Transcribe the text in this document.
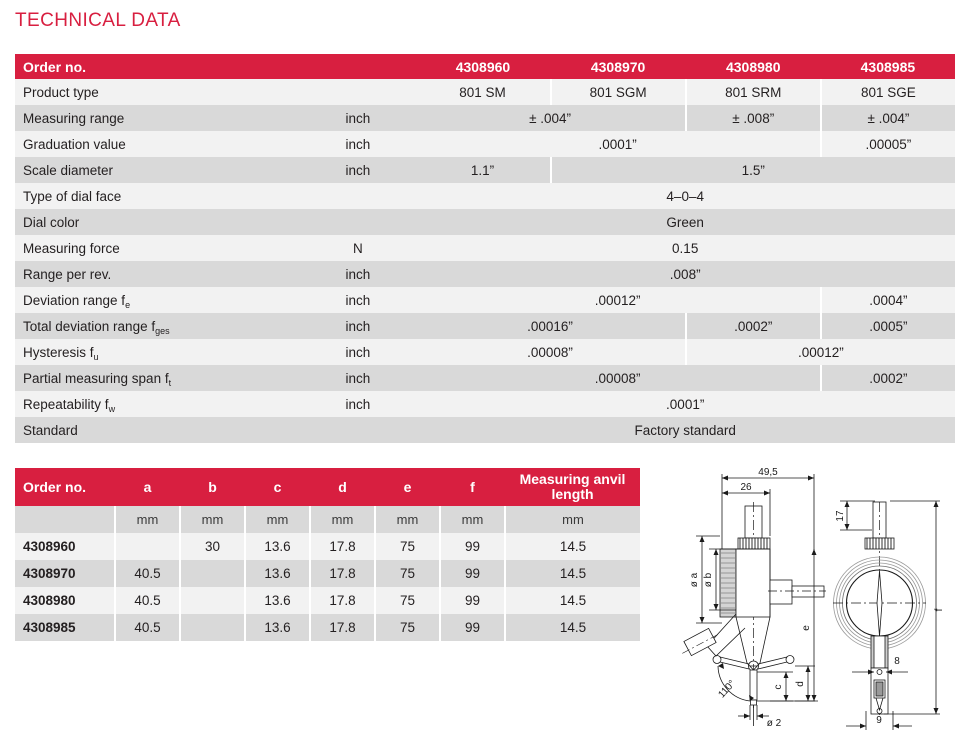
TECHNICAL DATA
Order no.		4308960	4308970	4308980	4308985
Product type		801 SM	801 SGM	801 SRM	801 SGE
Measuring range	inch	± .004”		± .008”	± .004”
Graduation value	inch	.0001”			.00005”
Scale diameter	inch	1.1”	1.5”		
Type of dial face		4–0–4			
Dial color		Green			
Measuring force	N	0.15			
Range per rev.	inch	.008”			
Deviation range $f_e$	inch	.00012”			.0004”
Total deviation range $f_{ges}$	inch	.00016”		.0002”	.0005”
Hysteresis $f_u$	inch	.00008”		.00012”	
Partial measuring span $f_t$	inch	.00008”			.0002”
Repeatability $f_w$	inch	.0001”			
Standard		Factory standard			
Order no.	a	b	c	d	e	f	Measuring anvil length
	mm	mm	mm	mm	mm	mm	mm
4308960		30	13.6	17.8	75	99	14.5
4308970	40.5		13.6	17.8	75	99	14.5
4308980	40.5		13.6	17.8	75	99	14.5
4308985	40.5		13.6	17.8	75	99	14.5
49,5
26
ø a ø b
110°
ø 2
c
d
e
17
8
9
f
